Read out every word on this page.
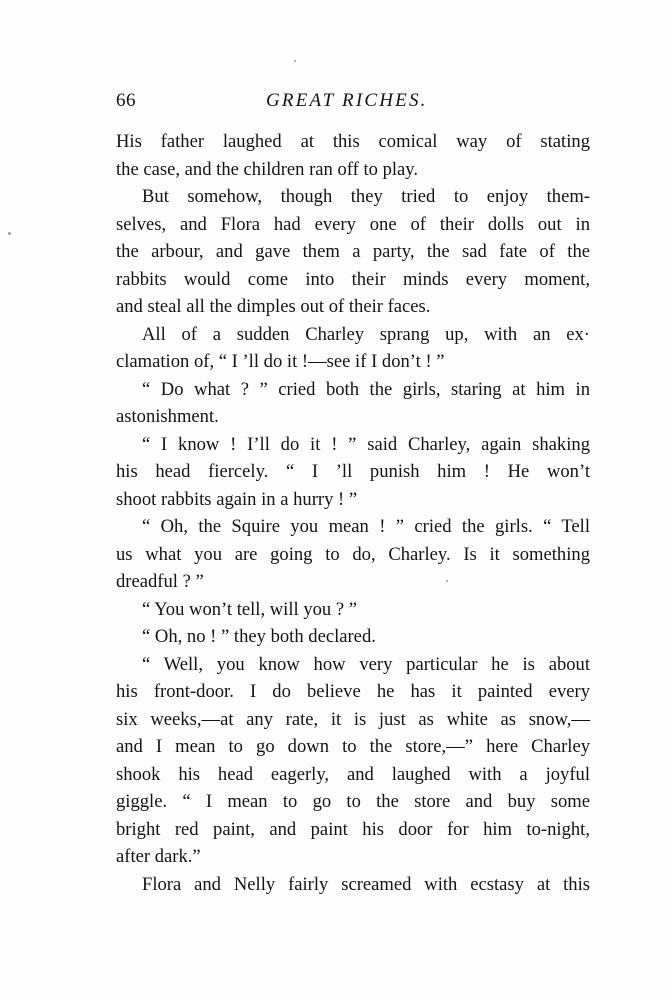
66	GREAT RICHES.
His father laughed at this comical way of stating
the case, and the children ran off to play.
But somehow, though they tried to enjoy them-
selves, and Flora had every one of their dolls out in
the arbour, and gave them a party, the sad fate of the
rabbits would come into their minds every moment,
and steal all the dimples out of their faces.
All of a sudden Charley sprang up, with an ex·
clamation of, “ I ’ll do it !—see if I don’t ! ”
“ Do what ? ” cried both the girls, staring at him in
astonishment.
“ I know ! I’ll do it ! ” said Charley, again shaking
his head fiercely. “ I ’ll punish him ! He won’t
shoot rabbits again in a hurry ! ”
“ Oh, the Squire you mean ! ” cried the girls. “ Tell
us what you are going to do, Charley. Is it something
dreadful ? ”
“ You won’t tell, will you ? ”
“ Oh, no ! ” they both declared.
“ Well, you know how very particular he is about
his front-door. I do believe he has it painted every
six weeks,—at any rate, it is just as white as snow,—
and I mean to go down to the store,—” here Charley
shook his head eagerly, and laughed with a joyful
giggle. “ I mean to go to the store and buy some
bright red paint, and paint his door for him to-night,
after dark.”
Flora and Nelly fairly screamed with ecstasy at this
